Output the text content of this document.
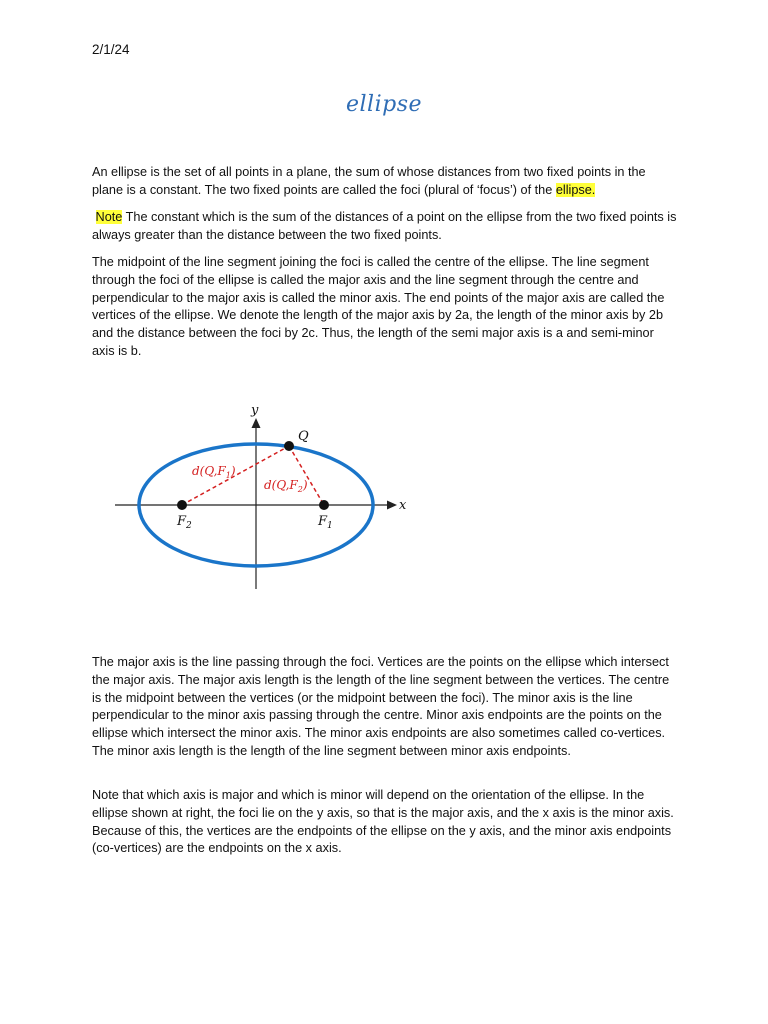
2/1/24
ellipse
An ellipse is the set of all points in a plane, the sum of whose distances from two fixed points in the plane is a constant. The two fixed points are called the foci (plural of ‘focus’) of the ellipse.
Note The constant which is the sum of the distances of a point on the ellipse from the two fixed points is always greater than the distance between the two fixed points.
The midpoint of the line segment joining the foci is called the centre of the ellipse. The line segment through the foci of the ellipse is called the major axis and the line segment through the centre and perpendicular to the major axis is called the minor axis. The end points of the major axis are called the vertices of the ellipse. We denote the length of the major axis by 2a, the length of the minor axis by 2b and the distance between the foci by 2c. Thus, the length of the semi major axis is a and semi-minor axis is b.
y
x
Q
$F_2$	$F_1$
$d(Q,F_1)$
$d(Q,F_2)$
The major axis is the line passing through the foci. Vertices are the points on the ellipse which intersect the major axis. The major axis length is the length of the line segment between the vertices. The centre is the midpoint between the vertices (or the midpoint between the foci). The minor axis is the line perpendicular to the minor axis passing through the centre. Minor axis endpoints are the points on the ellipse which intersect the minor axis. The minor axis endpoints are also sometimes called co-vertices. The minor axis length is the length of the line segment between minor axis endpoints.
Note that which axis is major and which is minor will depend on the orientation of the ellipse. In the ellipse shown at right, the foci lie on the y axis, so that is the major axis, and the x axis is the minor axis. Because of this, the vertices are the endpoints of the ellipse on the y axis, and the minor axis endpoints (co-vertices) are the endpoints on the x axis.
